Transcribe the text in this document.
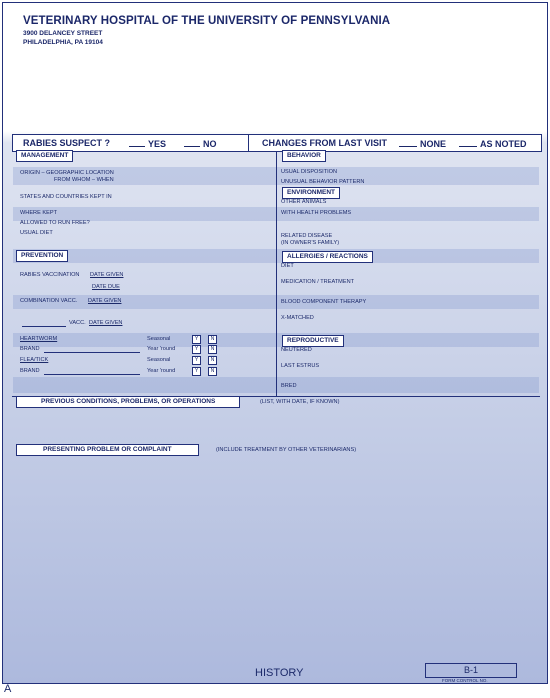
VETERINARY HOSPITAL OF THE UNIVERSITY OF PENNSYLVANIA
3900 DELANCEY STREET
PHILADELPHIA, PA 19104
RABIES SUSPECT ?	YES	NO	CHANGES FROM LAST VISIT	NONE	AS NOTED
MANAGEMENT
ORIGIN – GEOGRAPHIC LOCATION
FROM WHOM – WHEN
STATES AND COUNTRIES KEPT IN
WHERE KEPT
ALLOWED TO RUN FREE?
USUAL DIET
PREVENTION
RABIES VACCINATION DATE GIVEN
DATE DUE
COMBINATION VACC. DATE GIVEN
VACC. DATE GIVEN
HEARTWORM	Seasonal	Y	N
BRAND	Year 'round	Y	N
FLEA/TICK	Seasonal	Y	N
BRAND	Year 'round	Y	N
BEHAVIOR
USUAL DISPOSITION
UNUSUAL BEHAVIOR PATTERN
ENVIRONMENT
OTHER ANIMALS
WITH HEALTH PROBLEMS
RELATED DISEASE
(IN OWNER'S FAMILY)
ALLERGIES / REACTIONS
DIET
MEDICATION / TREATMENT
BLOOD COMPONENT THERAPY
X-MATCHED
REPRODUCTIVE
NEUTERED
LAST ESTRUS
BRED
PREVIOUS CONDITIONS, PROBLEMS, OR OPERATIONS	(LIST, WITH DATE, IF KNOWN)
PRESENTING PROBLEM OR COMPLAINT	(INCLUDE TREATMENT BY OTHER VETERINARIANS)
HISTORY	B-1
FORM CONTROL NO.
A
